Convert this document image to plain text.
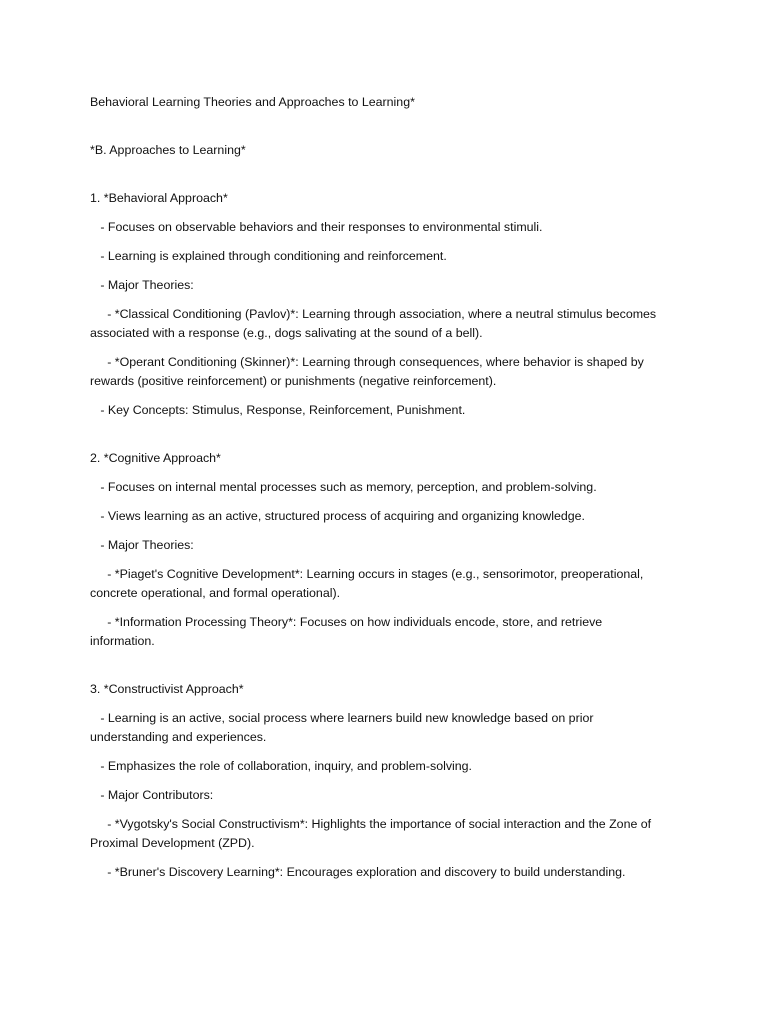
Behavioral Learning Theories and Approaches to Learning*

*B. Approaches to Learning*

1. *Behavioral Approach*

- Focuses on observable behaviors and their responses to environmental stimuli.

- Learning is explained through conditioning and reinforcement.

- Major Theories:

- *Classical Conditioning (Pavlov)*: Learning through association, where a neutral stimulus becomes associated with a response (e.g., dogs salivating at the sound of a bell).

- *Operant Conditioning (Skinner)*: Learning through consequences, where behavior is shaped by rewards (positive reinforcement) or punishments (negative reinforcement).

- Key Concepts: Stimulus, Response, Reinforcement, Punishment.

2. *Cognitive Approach*

- Focuses on internal mental processes such as memory, perception, and problem-solving.

- Views learning as an active, structured process of acquiring and organizing knowledge.

- Major Theories:

- *Piaget's Cognitive Development*: Learning occurs in stages (e.g., sensorimotor, preoperational, concrete operational, and formal operational).

- *Information Processing Theory*: Focuses on how individuals encode, store, and retrieve information.

3. *Constructivist Approach*

- Learning is an active, social process where learners build new knowledge based on prior understanding and experiences.

- Emphasizes the role of collaboration, inquiry, and problem-solving.

- Major Contributors:

- *Vygotsky's Social Constructivism*: Highlights the importance of social interaction and the Zone of Proximal Development (ZPD).

- *Bruner's Discovery Learning*: Encourages exploration and discovery to build understanding.
